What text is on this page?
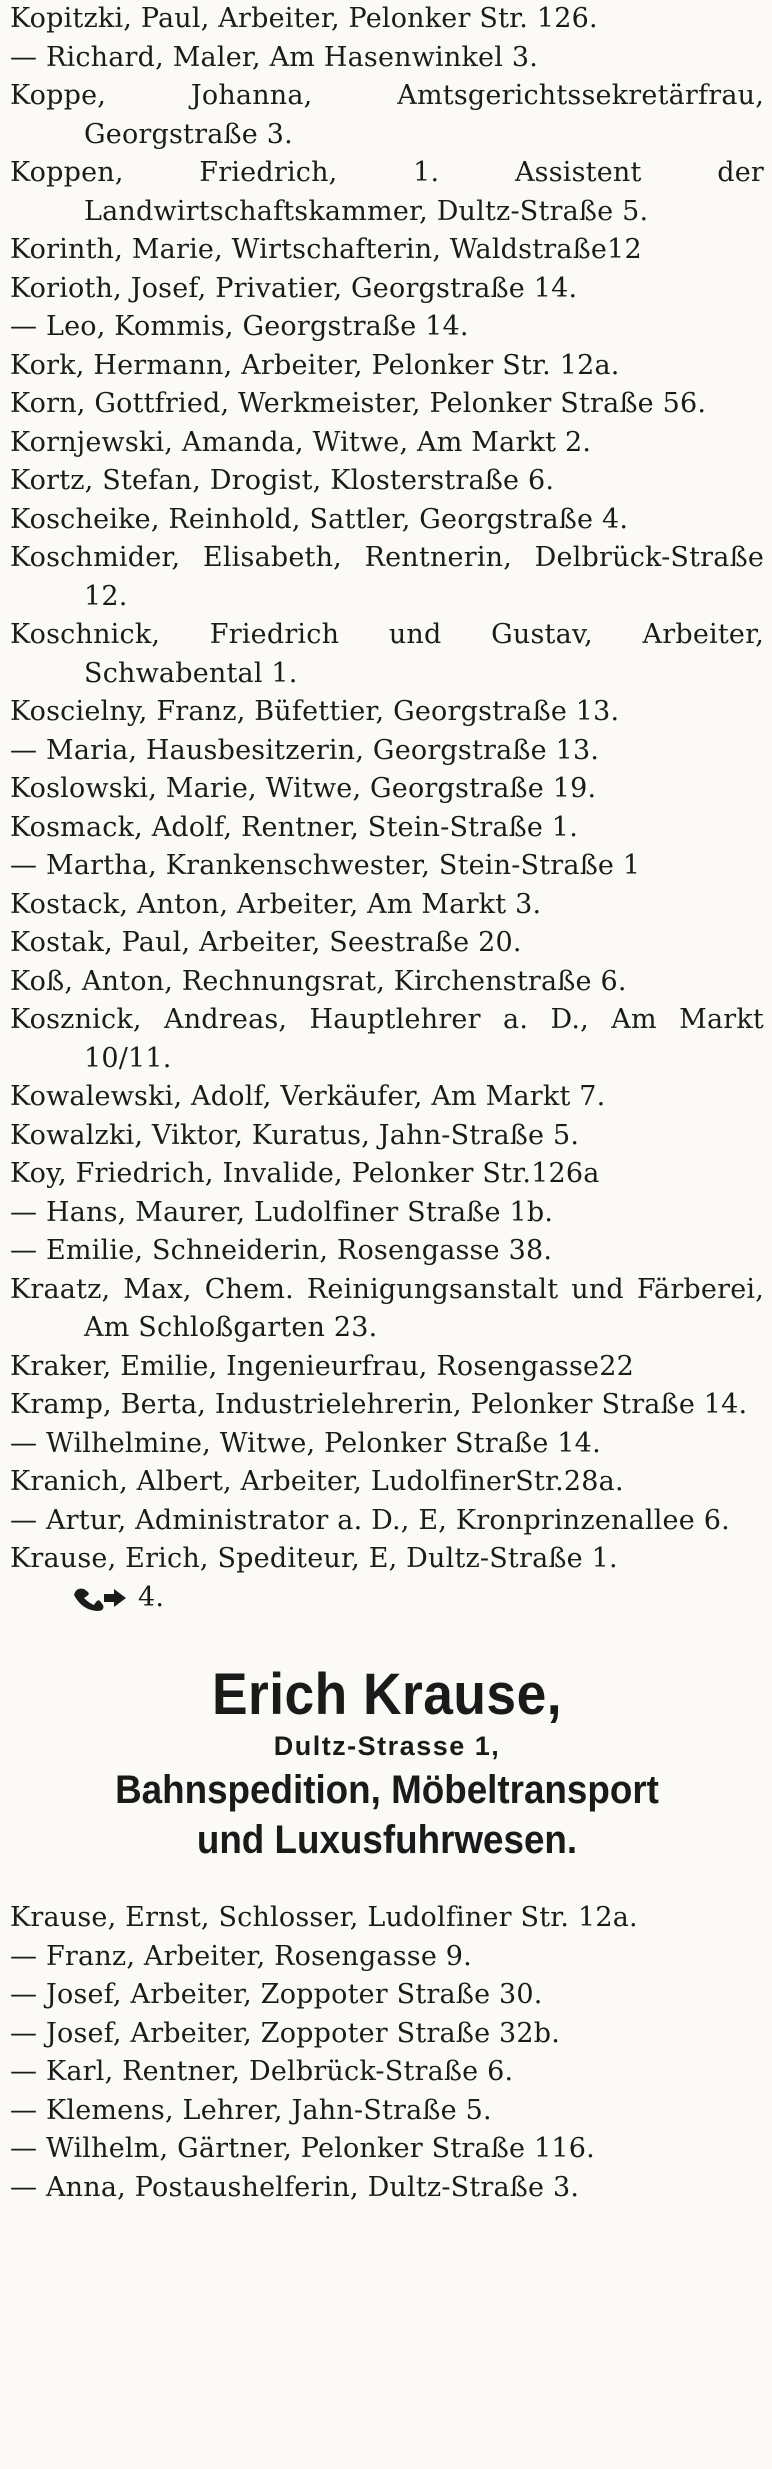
Kopitzki, Paul, Arbeiter, Pelonker Str. 126.

— Richard, Maler, Am Hasenwinkel 3.

Koppe, Johanna, Amtsgerichtssekretärfrau, Georgstraße 3.

Koppen, Friedrich, 1. Assistent der Landwirtschaftskammer, Dultz-Straße 5.

Korinth, Marie, Wirtschafterin, Waldstraße12

Korioth, Josef, Privatier, Georgstraße 14.

— Leo, Kommis, Georgstraße 14.

Kork, Hermann, Arbeiter, Pelonker Str. 12a.

Korn, Gottfried, Werkmeister, Pelonker Straße 56.

Kornjewski, Amanda, Witwe, Am Markt 2.

Kortz, Stefan, Drogist, Klosterstraße 6.

Koscheike, Reinhold, Sattler, Georgstraße 4.

Koschmider, Elisabeth, Rentnerin, Delbrück-Straße 12.

Koschnick, Friedrich und Gustav, Arbeiter, Schwabental 1.

Koscielny, Franz, Büfettier, Georgstraße 13.

— Maria, Hausbesitzerin, Georgstraße 13.

Koslowski, Marie, Witwe, Georgstraße 19.

Kosmack, Adolf, Rentner, Stein-Straße 1.

— Martha, Krankenschwester, Stein-Straße 1

Kostack, Anton, Arbeiter, Am Markt 3.

Kostak, Paul, Arbeiter, Seestraße 20.

Koß, Anton, Rechnungsrat, Kirchenstraße 6.

Kosznick, Andreas, Hauptlehrer a. D., Am Markt 10/11.

Kowalewski, Adolf, Verkäufer, Am Markt 7.

Kowalzki, Viktor, Kuratus, Jahn-Straße 5.

Koy, Friedrich, Invalide, Pelonker Str.126a

— Hans, Maurer, Ludolfiner Straße 1b.

— Emilie, Schneiderin, Rosengasse 38.

Kraatz, Max, Chem. Reinigungsanstalt und Färberei, Am Schloßgarten 23.

Kraker, Emilie, Ingenieurfrau, Rosengasse22

Kramp, Berta, Industrielehrerin, Pelonker Straße 14.

— Wilhelmine, Witwe, Pelonker Straße 14.

Kranich, Albert, Arbeiter, LudolfinerStr.28a.

— Artur, Administrator a. D., E, Kronprinzenallee 6.

Krause, Erich, Spediteur, E, Dultz-Straße 1.

4.

Erich Krause,
Dultz-Strasse 1,
Bahnspedition, Möbeltransport
und Luxusfuhrwesen.

Krause, Ernst, Schlosser, Ludolfiner Str. 12a.

— Franz, Arbeiter, Rosengasse 9.

— Josef, Arbeiter, Zoppoter Straße 30.

— Josef, Arbeiter, Zoppoter Straße 32b.

— Karl, Rentner, Delbrück-Straße 6.

— Klemens, Lehrer, Jahn-Straße 5.

— Wilhelm, Gärtner, Pelonker Straße 116.

— Anna, Postaushelferin, Dultz-Straße 3.
